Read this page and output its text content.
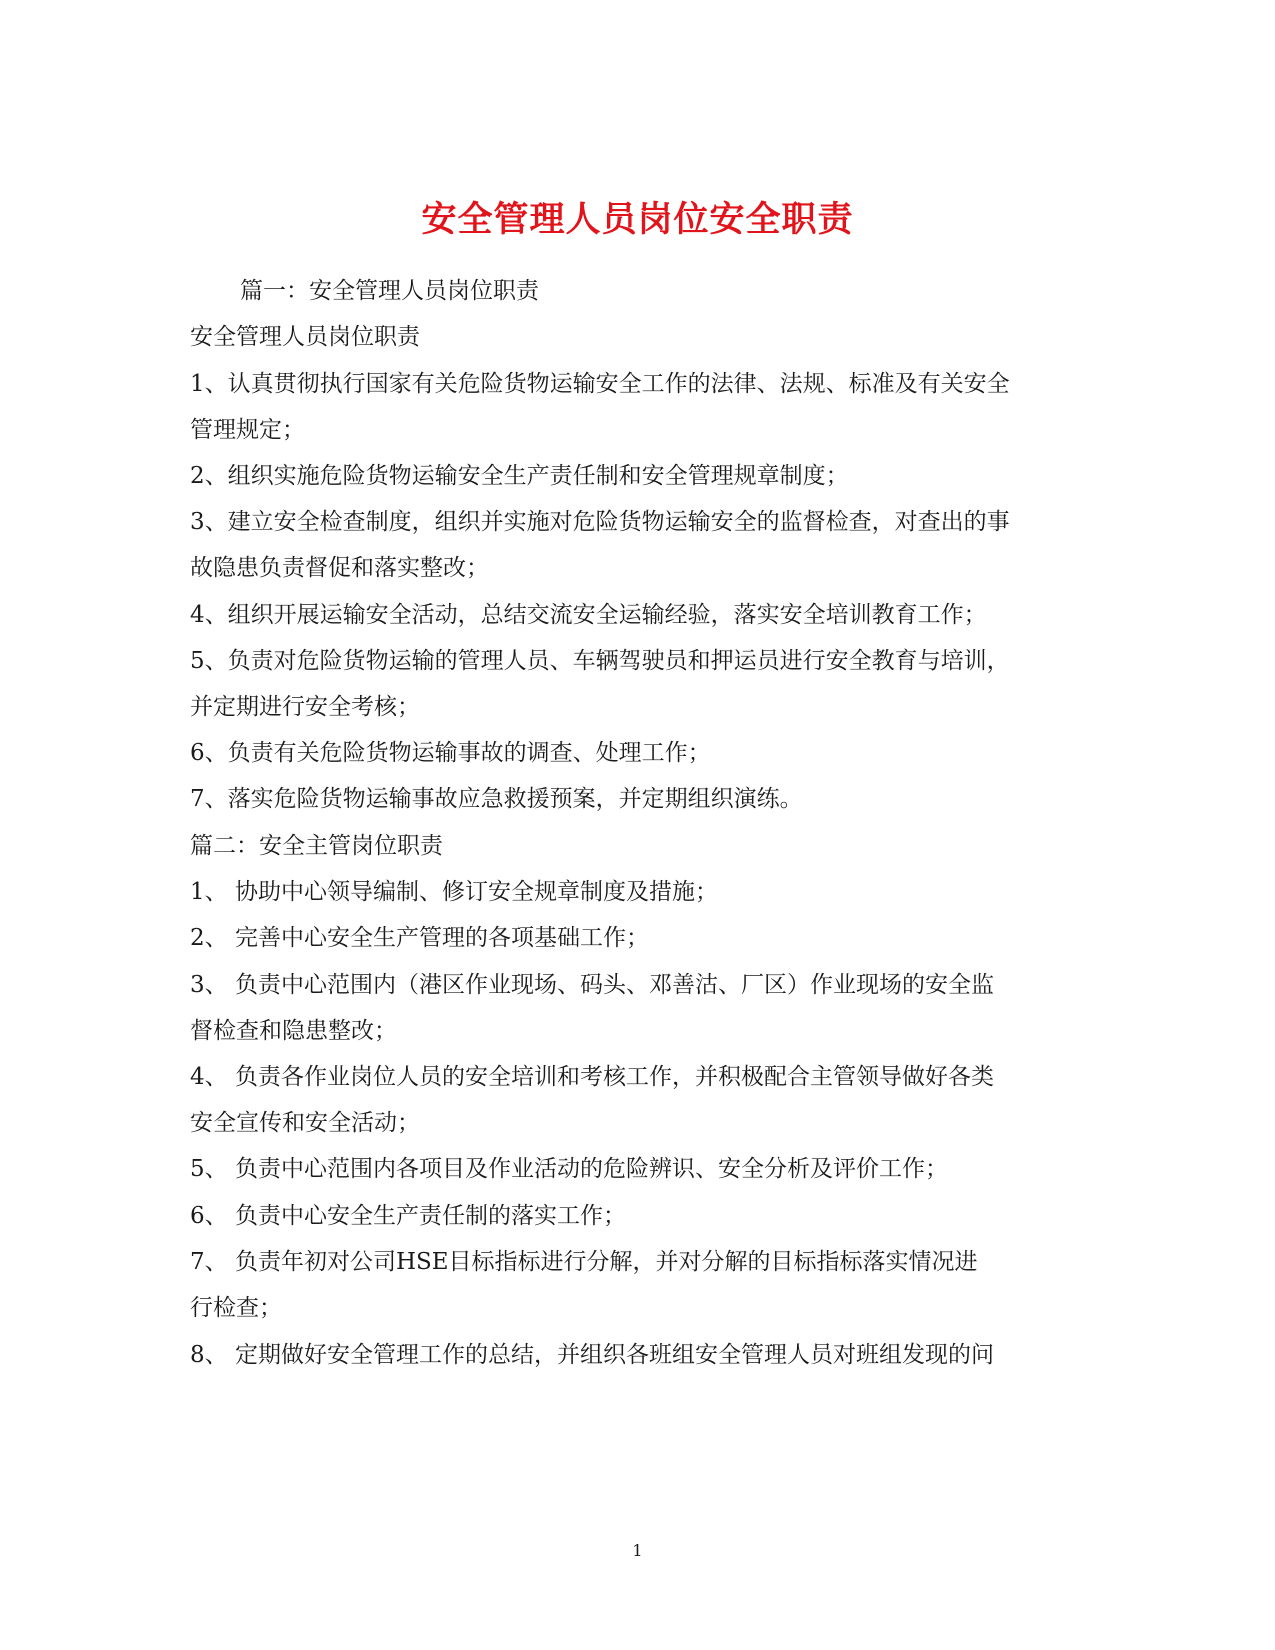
安全管理人员岗位安全职责
篇一：安全管理人员岗位职责
安全管理人员岗位职责
1、认真贯彻执行国家有关危险货物运输安全工作的法律、法规、标准及有关安全
管理规定；
2、组织实施危险货物运输安全生产责任制和安全管理规章制度；
3、建立安全检查制度，组织并实施对危险货物运输安全的监督检查，对查出的事
故隐患负责督促和落实整改；
4、组织开展运输安全活动，总结交流安全运输经验，落实安全培训教育工作；
5、负责对危险货物运输的管理人员、车辆驾驶员和押运员进行安全教育与培训，
并定期进行安全考核；
6、负责有关危险货物运输事故的调查、处理工作；
7、落实危险货物运输事故应急救援预案，并定期组织演练。
篇二：安全主管岗位职责
1、 协助中心领导编制、修订安全规章制度及措施；
2、 完善中心安全生产管理的各项基础工作；
3、 负责中心范围内（港区作业现场、码头、邓善沽、厂区）作业现场的安全监
督检查和隐患整改；
4、 负责各作业岗位人员的安全培训和考核工作，并积极配合主管领导做好各类
安全宣传和安全活动；
5、 负责中心范围内各项目及作业活动的危险辨识、安全分析及评价工作；
6、 负责中心安全生产责任制的落实工作；
7、 负责年初对公司HSE目标指标进行分解，并对分解的目标指标落实情况进
行检查；
8、 定期做好安全管理工作的总结，并组织各班组安全管理人员对班组发现的问
1
